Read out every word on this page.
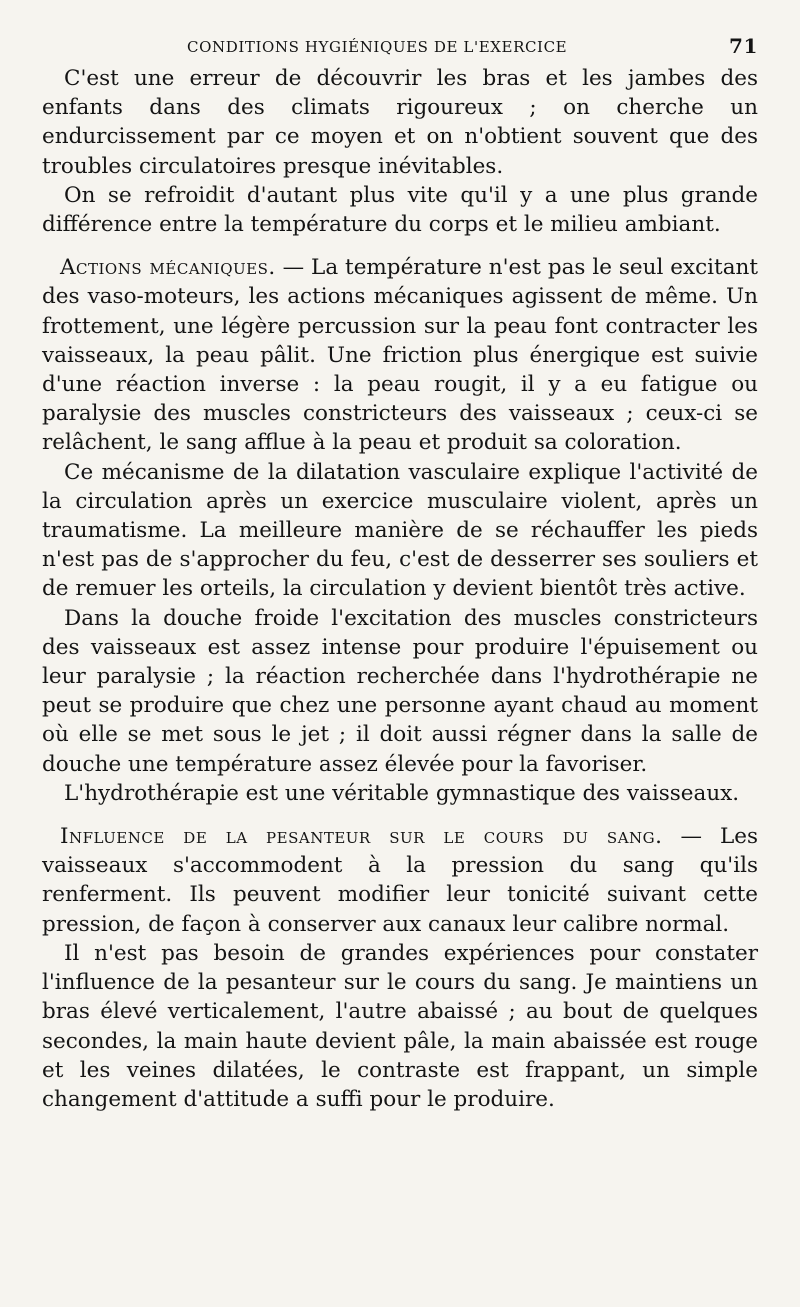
CONDITIONS HYGIÉNIQUES DE L'EXERCICE	71

C'est une erreur de découvrir les bras et les jambes des enfants dans des climats rigoureux ; on cherche un endurcissement par ce moyen et on n'obtient souvent que des troubles circulatoires presque inévitables.

On se refroidit d'autant plus vite qu'il y a une plus grande différence entre la température du corps et le milieu ambiant.

Actions mécaniques. — La température n'est pas le seul excitant des vaso-moteurs, les actions mécaniques agissent de même. Un frottement, une légère percussion sur la peau font contracter les vaisseaux, la peau pâlit. Une friction plus énergique est suivie d'une réaction inverse : la peau rougit, il y a eu fatigue ou paralysie des muscles constricteurs des vaisseaux ; ceux-ci se relâchent, le sang afflue à la peau et produit sa coloration.

Ce mécanisme de la dilatation vasculaire explique l'activité de la circulation après un exercice musculaire violent, après un traumatisme. La meilleure manière de se réchauffer les pieds n'est pas de s'approcher du feu, c'est de desserrer ses souliers et de remuer les orteils, la circulation y devient bientôt très active.

Dans la douche froide l'excitation des muscles constricteurs des vaisseaux est assez intense pour produire l'épuisement ou leur paralysie ; la réaction recherchée dans l'hydrothérapie ne peut se produire que chez une personne ayant chaud au moment où elle se met sous le jet ; il doit aussi régner dans la salle de douche une température assez élevée pour la favoriser.

L'hydrothérapie est une véritable gymnastique des vaisseaux.

Influence de la pesanteur sur le cours du sang. — Les vaisseaux s'accommodent à la pression du sang qu'ils renferment. Ils peuvent modifier leur tonicité suivant cette pression, de façon à conserver aux canaux leur calibre normal.

Il n'est pas besoin de grandes expériences pour constater l'influence de la pesanteur sur le cours du sang. Je maintiens un bras élevé verticalement, l'autre abaissé ; au bout de quelques secondes, la main haute devient pâle, la main abaissée est rouge et les veines dilatées, le contraste est frappant, un simple changement d'attitude a suffi pour le produire.
